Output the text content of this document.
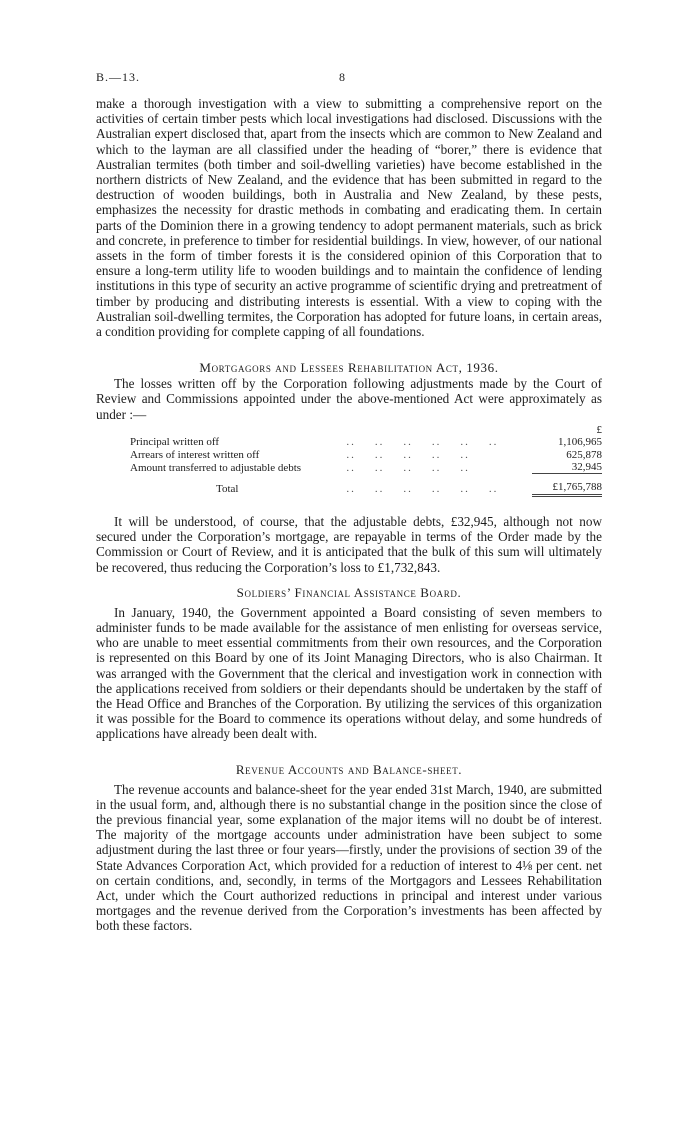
B.—13.	8

make a thorough investigation with a view to submitting a comprehensive report on the activities of certain timber pests which local investigations had disclosed. Discussions with the Australian expert disclosed that, apart from the insects which are common to New Zealand and which to the layman are all classified under the heading of “borer,” there is evidence that Australian termites (both timber and soil-dwelling varieties) have become established in the northern districts of New Zealand, and the evidence that has been submitted in regard to the destruction of wooden buildings, both in Australia and New Zealand, by these pests, emphasizes the necessity for drastic methods in combating and eradicating them. In certain parts of the Dominion there in a growing tendency to adopt permanent materials, such as brick and concrete, in preference to timber for residential buildings. In view, however, of our national assets in the form of timber forests it is the considered opinion of this Corporation that to ensure a long-term utility life to wooden buildings and to maintain the confidence of lending institutions in this type of security an active programme of scientific drying and pretreatment of timber by producing and distributing interests is essential. With a view to coping with the Australian soil-dwelling termites, the Corporation has adopted for future loans, in certain areas, a condition providing for complete capping of all foundations.

Mortgagors and Lessees Rehabilitation Act, 1936.

The losses written off by the Corporation following adjustments made by the Court of Review and Commissions appointed under the above-mentioned Act were approximately as under :—

		£
Principal written off	..    ..    ..    ..    ..    ..	1,106,965
Arrears of interest written off	..    ..    ..    ..    ..	625,878
Amount transferred to adjustable debts	..    ..    ..    ..    ..	32,945

Total	..    ..    ..    ..    ..    ..	£1,765,788

It will be understood, of course, that the adjustable debts, £32,945, although not now secured under the Corporation’s mortgage, are repayable in terms of the Order made by the Commission or Court of Review, and it is anticipated that the bulk of this sum will ultimately be recovered, thus reducing the Corporation’s loss to £1,732,843.

Soldiers’ Financial Assistance Board.

In January, 1940, the Government appointed a Board consisting of seven members to administer funds to be made available for the assistance of men enlisting for overseas service, who are unable to meet essential commitments from their own resources, and the Corporation is represented on this Board by one of its Joint Managing Directors, who is also Chairman. It was arranged with the Government that the clerical and investigation work in connection with the applications received from soldiers or their dependants should be undertaken by the staff of the Head Office and Branches of the Corporation. By utilizing the services of this organization it was possible for the Board to commence its operations without delay, and some hundreds of applications have already been dealt with.

Revenue Accounts and Balance-sheet.

The revenue accounts and balance-sheet for the year ended 31st March, 1940, are submitted in the usual form, and, although there is no substantial change in the position since the close of the previous financial year, some explanation of the major items will no doubt be of interest. The majority of the mortgage accounts under administration have been subject to some adjustment during the last three or four years—firstly, under the provisions of section 39 of the State Advances Corporation Act, which provided for a reduction of interest to 4⅛ per cent. net on certain conditions, and, secondly, in terms of the Mortgagors and Lessees Rehabilitation Act, under which the Court authorized reductions in principal and interest under various mortgages and the revenue derived from the Corporation’s investments has been affected by both these factors.
